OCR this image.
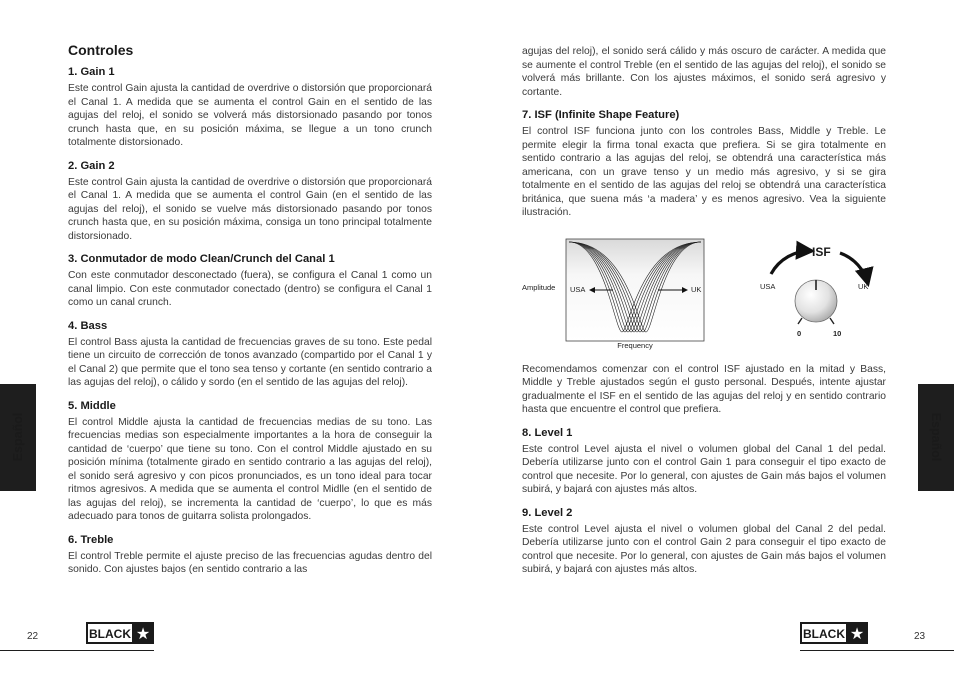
Controles
1. Gain 1

Este control Gain ajusta la cantidad de overdrive o distorsión que proporcionará el Canal 1. A medida que se aumenta el control Gain en el sentido de las agujas del reloj, el sonido se volverá más distorsionado pasando por tonos crunch hasta que, en su posición máxima, se llegue a un tono crunch totalmente distorsionado.

2. Gain 2

Este control Gain ajusta la cantidad de overdrive o distorsión que proporcionará el Canal 1. A medida que se aumenta el control Gain (en el sentido de las agujas del reloj), el sonido se vuelve más distorsionado pasando por tonos crunch hasta que, en su posición máxima, consiga un tono principal totalmente distorsionado.

3. Conmutador de modo Clean/Crunch del Canal 1

Con este conmutador desconectado (fuera), se configura el Canal 1 como un canal limpio. Con este conmutador conectado (dentro) se configura el Canal 1 como un canal crunch.

4. Bass

El control Bass ajusta la cantidad de frecuencias graves de su tono. Este pedal tiene un circuito de corrección de tonos avanzado (compartido por el Canal 1 y el Canal 2) que permite que el tono sea tenso y cortante (en sentido contrario a las agujas del reloj), o cálido y sordo (en el sentido de las agujas del reloj).

5. Middle

El control Middle ajusta la cantidad de frecuencias medias de su tono. Las frecuencias medias son especialmente importantes a la hora de conseguir la cantidad de ‘cuerpo’ que tiene su tono. Con el control Middle ajustado en su posición mínima (totalmente girado en sentido contrario a las agujas del reloj), el sonido será agresivo y con picos pronunciados, es un tono ideal para tocar ritmos agresivos. A medida que se aumenta el control Midlle (en el sentido de las agujas del reloj), se incrementa la cantidad de ‘cuerpo’, lo que es más adecuado para tonos de guitarra solista prolongados.

6. Treble

El control Treble permite el ajuste preciso de las frecuencias agudas dentro del sonido. Con ajustes bajos (en sentido contrario a las

agujas del reloj), el sonido será cálido y más oscuro de carácter. A medida que se aumente el control Treble (en el sentido de las agujas del reloj), el sonido se volverá más brillante. Con los ajustes máximos, el sonido será agresivo y cortante.

7. ISF (Infinite Shape Feature)

El control ISF funciona junto con los controles Bass, Middle y Treble. Le permite elegir la firma tonal exacta que prefiera. Si se gira totalmente en sentido contrario a las agujas del reloj, se obtendrá una característica más americana, con un grave tenso y un medio más agresivo, y si se gira totalmente en el sentido de las agujas del reloj se obtendrá una característica británica, que suena más ‘a madera’ y es menos agresivo. Vea la siguiente ilustración.

Recomendamos comenzar con el control ISF ajustado en la mitad y Bass, Middle y Treble ajustados según el gusto personal. Después, intente ajustar gradualmente el ISF en el sentido de las agujas del reloj y en sentido contrario hasta que encuentre el control que prefiera.

8. Level 1

Este control Level ajusta el nivel o volumen global del Canal 1 del pedal. Debería utilizarse junto con el control Gain 1 para conseguir el tipo exacto de control que necesite. Por lo general, con ajustes de Gain más bajos el volumen subirá, y bajará con ajustes más altos.

9. Level 2

Este control Level ajusta el nivel o volumen global del Canal 2 del pedal. Debería utilizarse junto con el control Gain 2 para conseguir el tipo exacto de control que necesite. Por lo general, con ajustes de Gain más bajos el volumen subirá, y bajará con ajustes más altos.

Amplitude
Frequency
USA	UK
ISF
USA	UK
0	10
Español	Español
22	23
BLACK ★	BLACK ★
